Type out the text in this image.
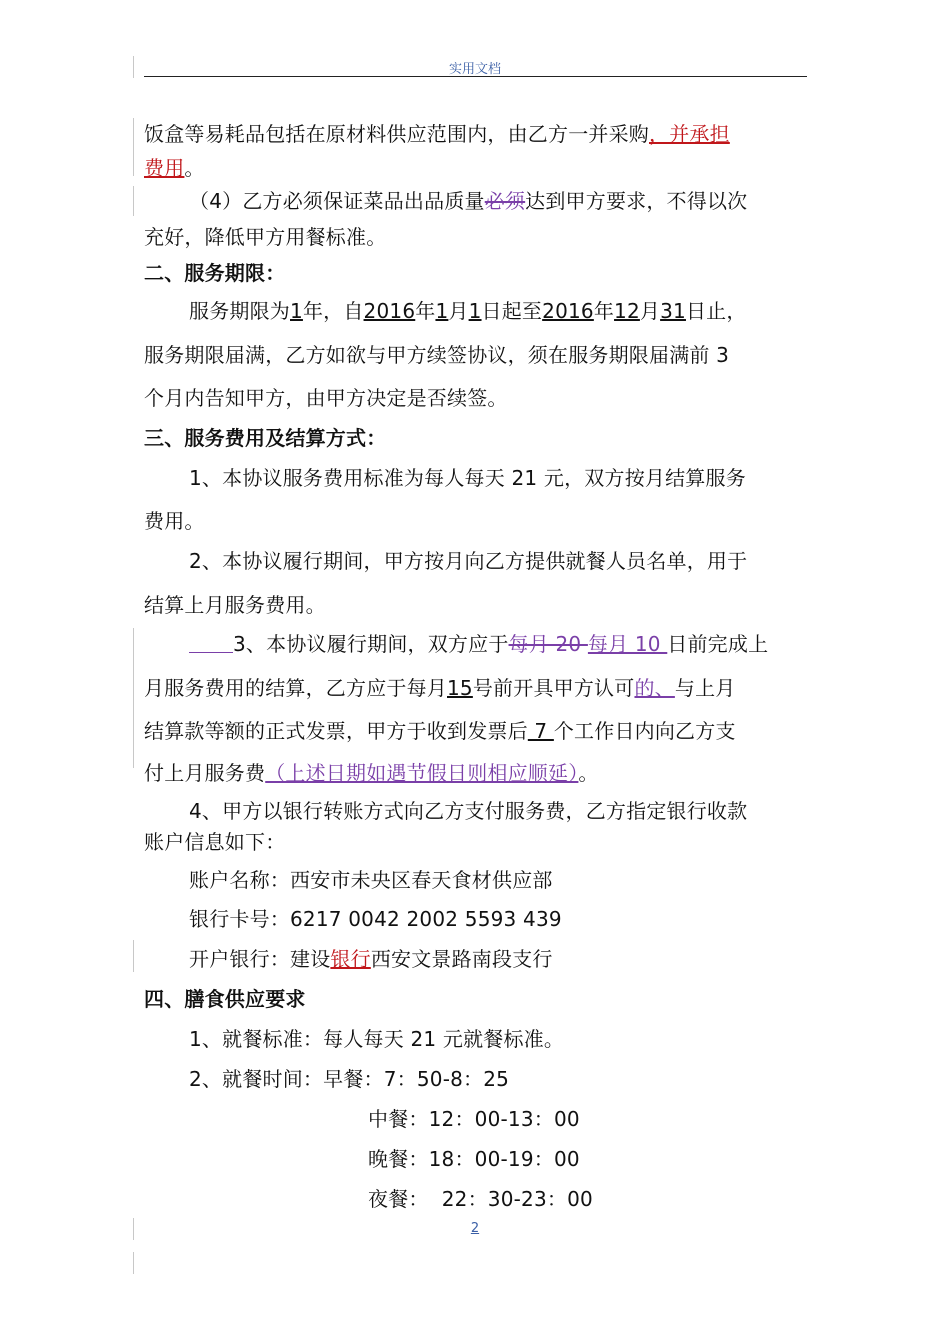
实用文档
饭盒等易耗品包括在原材料供应范围内，由乙方一并采购，并承担
费用。
（4）乙方必须保证菜品出品质量必须达到甲方要求，不得以次
充好，降低甲方用餐标准。
二、服务期限：
服务期限为1年，自2016年1月1日起至2016年12月31日止，
服务期限届满，乙方如欲与甲方续签协议，须在服务期限届满前 3
个月内告知甲方，由甲方决定是否续签。
三、服务费用及结算方式：
1、本协议服务费用标准为每人每天 21 元，双方按月结算服务
费用。
2、本协议履行期间，甲方按月向乙方提供就餐人员名单，用于
结算上月服务费用。
3、本协议履行期间，双方应于每月 20 每月 10 日前完成上
月服务费用的结算，乙方应于每月15号前开具甲方认可的、与上月
结算款等额的正式发票，甲方于收到发票后 7 个工作日内向乙方支
付上月服务费（上述日期如遇节假日则相应顺延）。
4、甲方以银行转账方式向乙方支付服务费，乙方指定银行收款
账户信息如下：
账户名称：西安市未央区春天食材供应部
银行卡号：6217 0042 2002 5593 439
开户银行：建设银行西安文景路南段支行
四、膳食供应要求
1、就餐标准：每人每天 21 元就餐标准。
2、就餐时间：早餐：7：50-8：25
中餐：12：00-13：00
晚餐：18：00-19：00
夜餐：  22：30-23：00
2
